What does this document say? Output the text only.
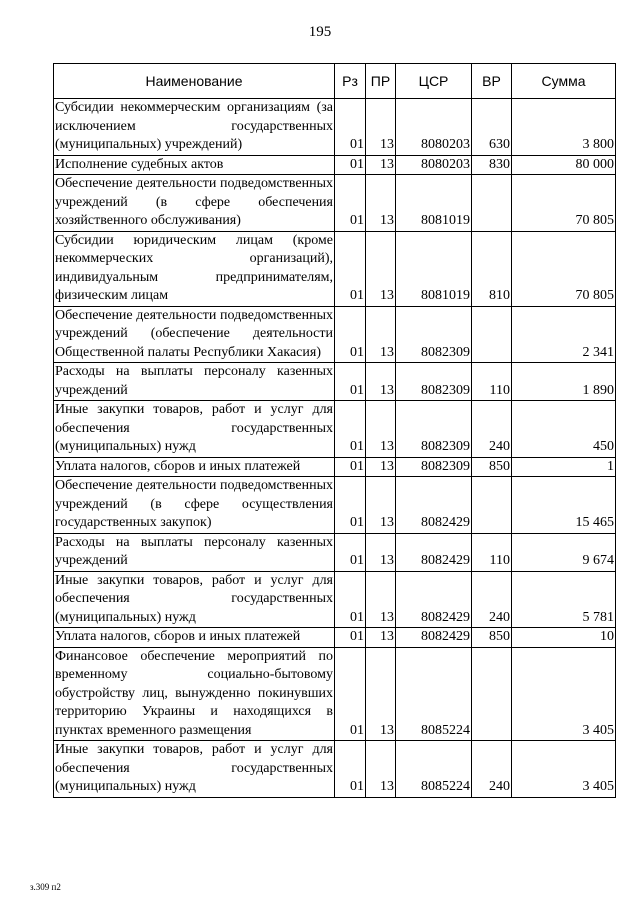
195
Наименование	Рз	ПР	ЦСР	ВР	Сумма
Субсидии некоммерческим организациям (за исключением государственных (муниципальных) учреждений)	01	13	8080203	630	3 800
Исполнение судебных актов	01	13	8080203	830	80 000
Обеспечение деятельности подведомственных учреждений (в сфере обеспечения хозяйственного обслуживания)	01	13	8081019		70 805
Субсидии юридическим лицам (кроме некоммерческих организаций), индивидуальным предпринимателям, физическим лицам	01	13	8081019	810	70 805
Обеспечение деятельности подведомственных учреждений (обеспечение деятельности Общественной палаты Республики Хакасия)	01	13	8082309		2 341
Расходы на выплаты персоналу казенных учреждений	01	13	8082309	110	1 890
Иные закупки товаров, работ и услуг для обеспечения государственных (муниципальных) нужд	01	13	8082309	240	450
Уплата налогов, сборов и иных платежей	01	13	8082309	850	1
Обеспечение деятельности подведомственных учреждений (в сфере осуществления государственных закупок)	01	13	8082429		15 465
Расходы на выплаты персоналу казенных учреждений	01	13	8082429	110	9 674
Иные закупки товаров, работ и услуг для обеспечения государственных (муниципальных) нужд	01	13	8082429	240	5 781
Уплата налогов, сборов и иных платежей	01	13	8082429	850	10
Финансовое обеспечение мероприятий по временному социально-бытовому обустройству лиц, вынужденно покинувших территорию Украины и находящихся в пунктах временного размещения	01	13	8085224		3 405
Иные закупки товаров, работ и услуг для обеспечения государственных (муниципальных) нужд	01	13	8085224	240	3 405
з.309 п2
